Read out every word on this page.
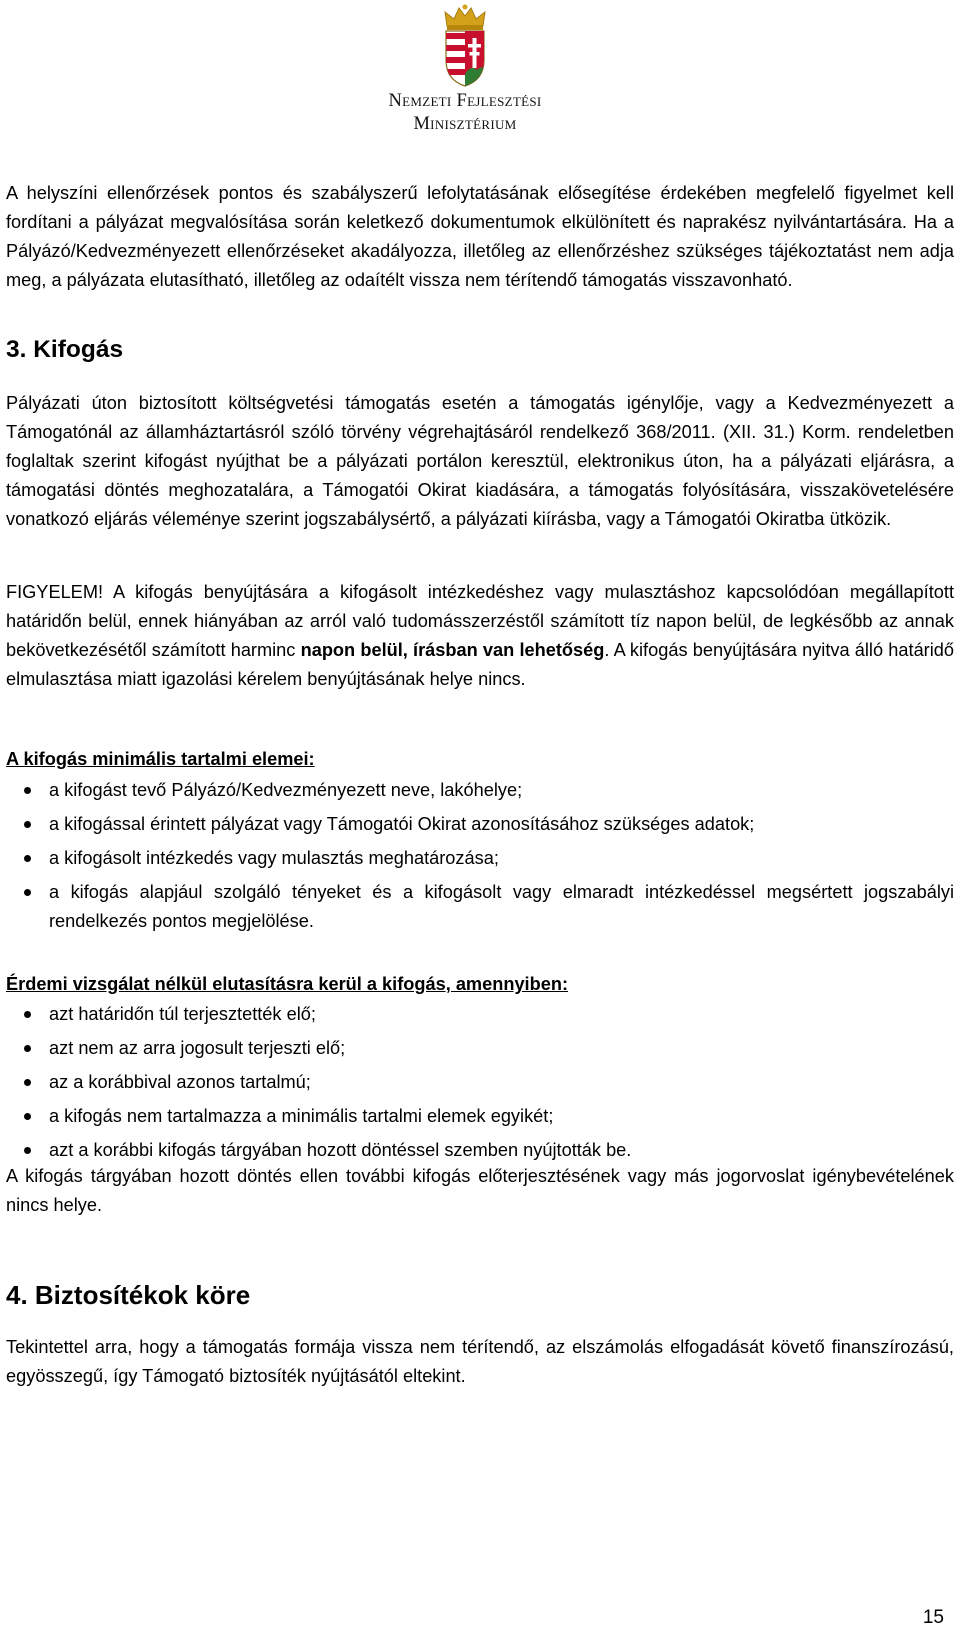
Nemzeti Fejlesztési
Minisztérium

A helyszíni ellenőrzések pontos és szabályszerű lefolytatásának elősegítése érdekében megfelelő figyelmet kell fordítani a pályázat megvalósítása során keletkező dokumentumok elkülönített és naprakész nyilvántartására. Ha a Pályázó/Kedvezményezett ellenőrzéseket akadályozza, illetőleg az ellenőrzéshez szükséges tájékoztatást nem adja meg, a pályázata elutasítható, illetőleg az odaítélt vissza nem térítendő támogatás visszavonható.

3. Kifogás

Pályázati úton biztosított költségvetési támogatás esetén a támogatás igénylője, vagy a Kedvezményezett a Támogatónál az államháztartásról szóló törvény végrehajtásáról rendelkező 368/2011. (XII. 31.) Korm. rendeletben foglaltak szerint kifogást nyújthat be a pályázati portálon keresztül, elektronikus úton, ha a pályázati eljárásra, a támogatási döntés meghozatalára, a Támogatói Okirat kiadására, a támogatás folyósítására, visszakövetelésére vonatkozó eljárás véleménye szerint jogszabálysértő, a pályázati kiírásba, vagy a Támogatói Okiratba ütközik.

FIGYELEM! A kifogás benyújtására a kifogásolt intézkedéshez vagy mulasztáshoz kapcsolódóan megállapított határidőn belül, ennek hiányában az arról való tudomásszerzéstől számított tíz napon belül, de legkésőbb az annak bekövetkezésétől számított harminc napon belül, írásban van lehetőség. A kifogás benyújtására nyitva álló határidő elmulasztása miatt igazolási kérelem benyújtásának helye nincs.

A kifogás minimális tartalmi elemei:
a kifogást tevő Pályázó/Kedvezményezett neve, lakóhelye;
a kifogással érintett pályázat vagy Támogatói Okirat azonosításához szükséges adatok;
a kifogásolt intézkedés vagy mulasztás meghatározása;
a kifogás alapjául szolgáló tényeket és a kifogásolt vagy elmaradt intézkedéssel megsértett jogszabályi rendelkezés pontos megjelölése.
Érdemi vizsgálat nélkül elutasításra kerül a kifogás, amennyiben:
azt határidőn túl terjesztették elő;
azt nem az arra jogosult terjeszti elő;
az a korábbival azonos tartalmú;
a kifogás nem tartalmazza a minimális tartalmi elemek egyikét;
azt a korábbi kifogás tárgyában hozott döntéssel szemben nyújtották be.

A kifogás tárgyában hozott döntés ellen további kifogás előterjesztésének vagy más jogorvoslat igénybevételének nincs helye.

4. Biztosítékok köre

Tekintettel arra, hogy a támogatás formája vissza nem térítendő, az elszámolás elfogadását követő finanszírozású, egyösszegű, így Támogató biztosíték nyújtásától eltekint.

15
